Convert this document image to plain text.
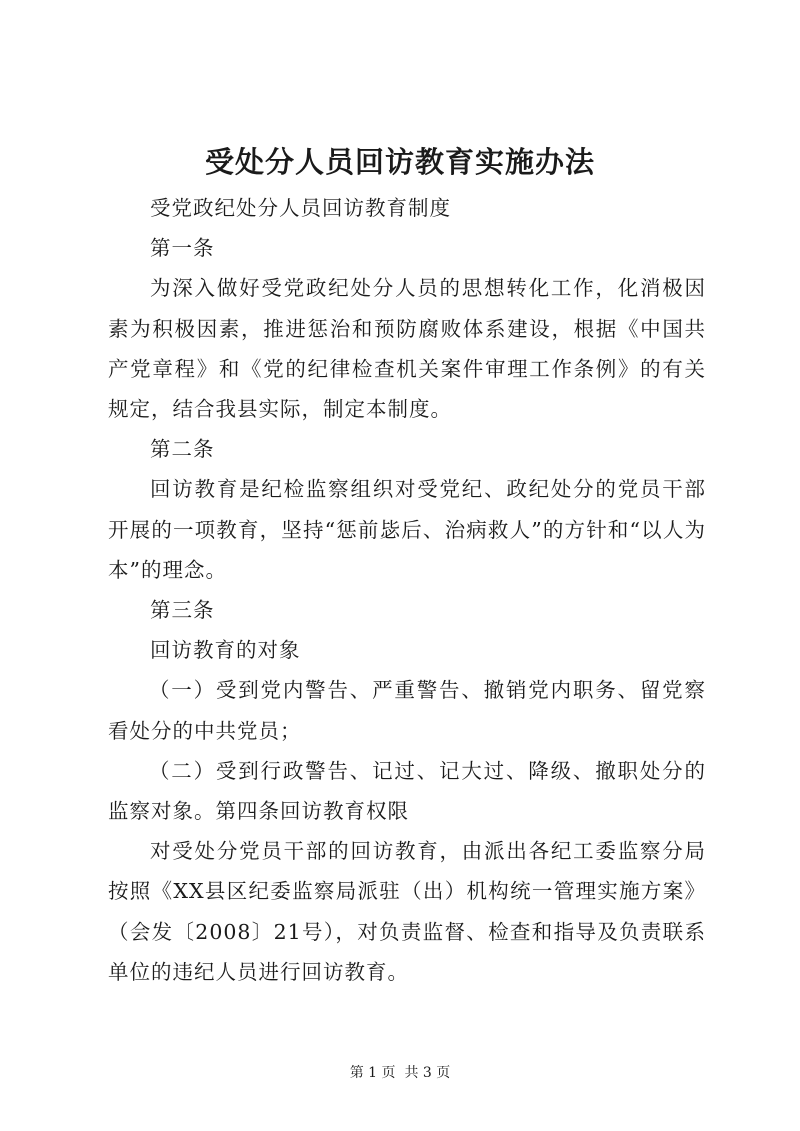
受处分人员回访教育实施办法

受党政纪处分人员回访教育制度

第一条

为深入做好受党政纪处分人员的思想转化工作，化消极因素为积极因素，推进惩治和预防腐败体系建设，根据《中国共产党章程》和《党的纪律检查机关案件审理工作条例》的有关规定，结合我县实际，制定本制度。

第二条

回访教育是纪检监察组织对受党纪、政纪处分的党员干部开展的一项教育，坚持“惩前毖后、治病救人”的方针和“以人为本”的理念。

第三条

回访教育的对象

（一）受到党内警告、严重警告、撤销党内职务、留党察看处分的中共党员；

（二）受到行政警告、记过、记大过、降级、撤职处分的监察对象。第四条回访教育权限

对受处分党员干部的回访教育，由派出各纪工委监察分局按照《XX县区纪委监察局派驻（出）机构统一管理实施方案》（会发〔2008〕21号），对负责监督、检查和指导及负责联系单位的违纪人员进行回访教育。

第 1 页  共 3 页
